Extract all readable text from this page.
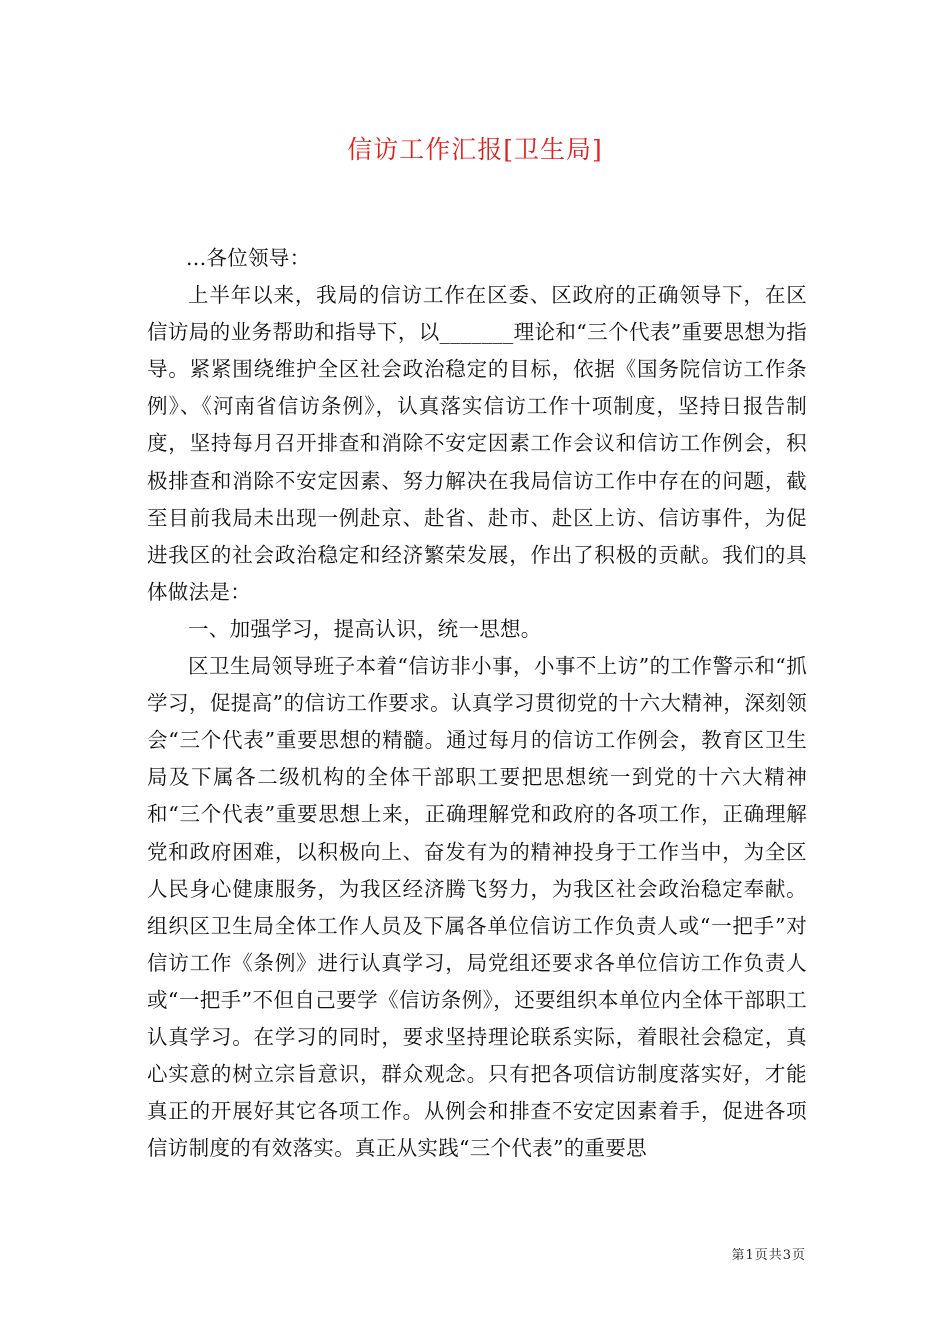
信访工作汇报[卫生局]

...各位领导：

上半年以来，我局的信访工作在区委、区政府的正确领导下，在区信访局的业务帮助和指导下，以_______理论和“三个代表”重要思想为指导。紧紧围绕维护全区社会政治稳定的目标，依据《国务院信访工作条例》、《河南省信访条例》，认真落实信访工作十项制度，坚持日报告制度，坚持每月召开排查和消除不安定因素工作会议和信访工作例会，积极排查和消除不安定因素、努力解决在我局信访工作中存在的问题，截至目前我局未出现一例赴京、赴省、赴市、赴区上访、信访事件，为促进我区的社会政治稳定和经济繁荣发展，作出了积极的贡献。我们的具体做法是：

一、加强学习，提高认识，统一思想。

区卫生局领导班子本着“信访非小事，小事不上访”的工作警示和“抓学习，促提高”的信访工作要求。认真学习贯彻党的十六大精神，深刻领会“三个代表”重要思想的精髓。通过每月的信访工作例会，教育区卫生局及下属各二级机构的全体干部职工要把思想统一到党的十六大精神和“三个代表”重要思想上来，正确理解党和政府的各项工作，正确理解党和政府困难，以积极向上、奋发有为的精神投身于工作当中，为全区人民身心健康服务，为我区经济腾飞努力，为我区社会政治稳定奉献。组织区卫生局全体工作人员及下属各单位信访工作负责人或“一把手”对信访工作《条例》进行认真学习，局党组还要求各单位信访工作负责人或“一把手”不但自己要学《信访条例》，还要组织本单位内全体干部职工认真学习。在学习的同时，要求坚持理论联系实际，着眼社会稳定，真心实意的树立宗旨意识，群众观念。只有把各项信访制度落实好，才能真正的开展好其它各项工作。从例会和排查不安定因素着手，促进各项信访制度的有效落实。真正从实践“三个代表”的重要思

第1页共3页
